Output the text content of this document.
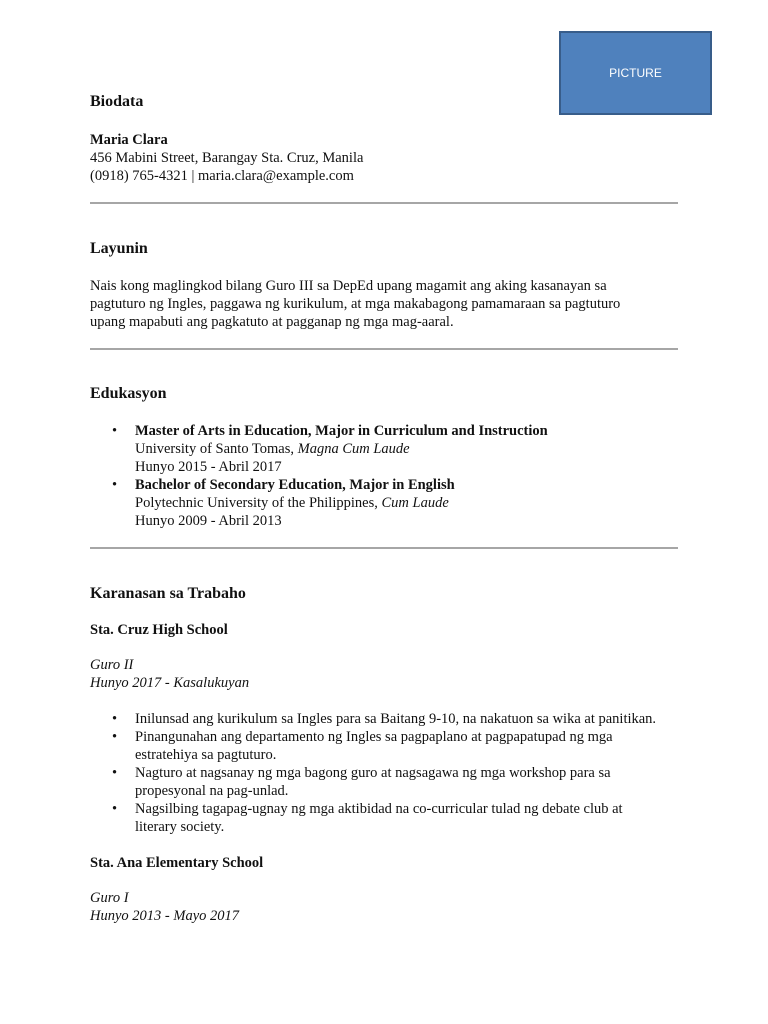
PICTURE
Biodata
Maria Clara
456 Mabini Street, Barangay Sta. Cruz, Manila
(0918) 765-4321 | maria.clara@example.com
Layunin
Nais kong maglingkod bilang Guro III sa DepEd upang magamit ang aking kasanayan sa
pagtuturo ng Ingles, paggawa ng kurikulum, at mga makabagong pamamaraan sa pagtuturo
upang mapabuti ang pagkatuto at pagganap ng mga mag-aaral.
Edukasyon
• Master of Arts in Education, Major in Curriculum and Instruction
University of Santo Tomas, Magna Cum Laude
Hunyo 2015 - Abril 2017
• Bachelor of Secondary Education, Major in English
Polytechnic University of the Philippines, Cum Laude
Hunyo 2009 - Abril 2013
Karanasan sa Trabaho
Sta. Cruz High School
Guro II
Hunyo 2017 - Kasalukuyan
• Inilunsad ang kurikulum sa Ingles para sa Baitang 9-10, na nakatuon sa wika at panitikan.
• Pinangunahan ang departamento ng Ingles sa pagpaplano at pagpapatupad ng mga
estratehiya sa pagtuturo.
• Nagturo at nagsanay ng mga bagong guro at nagsagawa ng mga workshop para sa
propesyonal na pag-unlad.
• Nagsilbing tagapag-ugnay ng mga aktibidad na co-curricular tulad ng debate club at
literary society.
Sta. Ana Elementary School
Guro I
Hunyo 2013 - Mayo 2017
